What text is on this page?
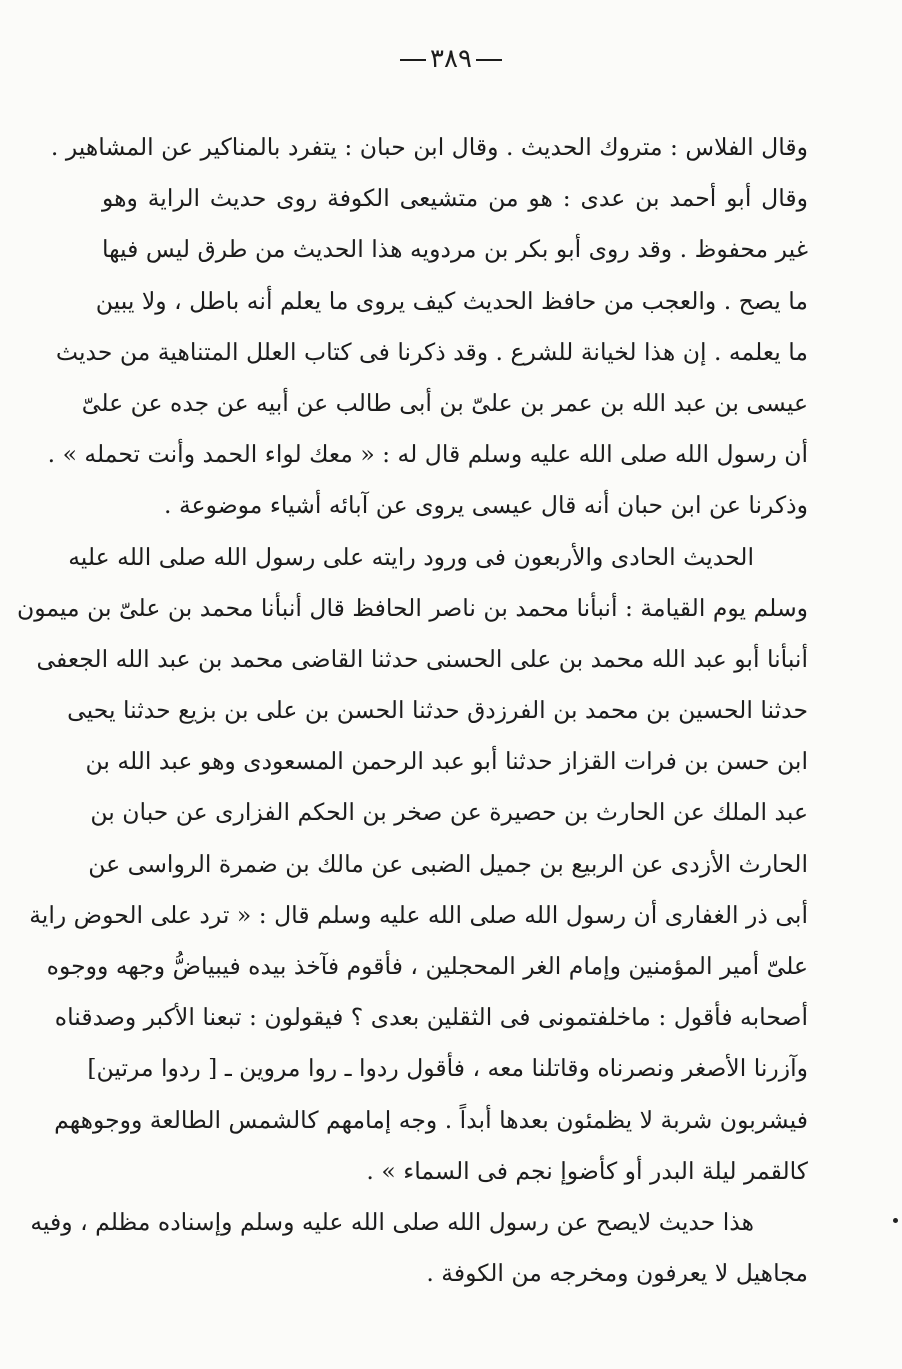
٣٨٩
وقال الفلاس : متروك الحديث . وقال ابن حبان : يتفرد بالمناكير عن المشاهير .
وقال أبو أحمد بن عدى : هو من متشيعى الكوفة روى حديث الراية وهو
غير محفوظ . وقد روى أبو بكر بن مردويه هذا الحديث من طرق ليس فيها
ما يصح . والعجب من حافظ الحديث كيف يروى ما يعلم أنه باطل ، ولا يبين
ما يعلمه . إن هذا لخيانة للشرع . وقد ذكرنا فى كتاب العلل المتناهية من حديث
عيسى بن عبد الله بن عمر بن علىّ بن أبى طالب عن أبيه عن جده عن علىّ
أن رسول الله صلى الله عليه وسلم قال له : « معك لواء الحمد وأنت تحمله » .
وذكرنا عن ابن حبان أنه قال عيسى يروى عن آبائه أشياء موضوعة .
الحديث الحادى والأربعون فى ورود رايته على رسول الله صلى الله عليه
وسلم يوم القيامة : أنبأنا محمد بن ناصر الحافظ قال أنبأنا محمد بن علىّ بن ميمون
أنبأنا أبو عبد الله محمد بن على الحسنى حدثنا القاضى محمد بن عبد الله الجعفى
حدثنا الحسين بن محمد بن الفرزدق حدثنا الحسن بن على بن بزيع حدثنا يحيى
ابن حسن بن فرات القزاز حدثنا أبو عبد الرحمن المسعودى وهو عبد الله بن
عبد الملك عن الحارث بن حصيرة عن صخر بن الحكم الفزارى عن حبان بن
الحارث الأزدى عن الربيع بن جميل الضبى عن مالك بن ضمرة الرواسى عن
أبى ذر الغفارى أن رسول الله صلى الله عليه وسلم قال : « ترد على الحوض راية
علىّ أمير المؤمنين وإمام الغر المحجلين ، فأقوم فآخذ بيده فيبياضُّ وجهه ووجوه
أصحابه فأقول : ماخلفتمونى فى الثقلين بعدى ؟ فيقولون : تبعنا الأكبر وصدقناه
وآزرنا الأصغر ونصرناه وقاتلنا معه ، فأقول ردوا ـ روا مروين ـ [ ردوا مرتين]
فيشربون شربة لا يظمئون بعدها أبداً . وجه إمامهم كالشمس الطالعة ووجوههم
كالقمر ليلة البدر أو كأضوإ نجم فى السماء » .
هذا حديث لايصح عن رسول الله صلى الله عليه وسلم وإسناده مظلم ، وفيه
مجاهيل لا يعرفون ومخرجه من الكوفة .
